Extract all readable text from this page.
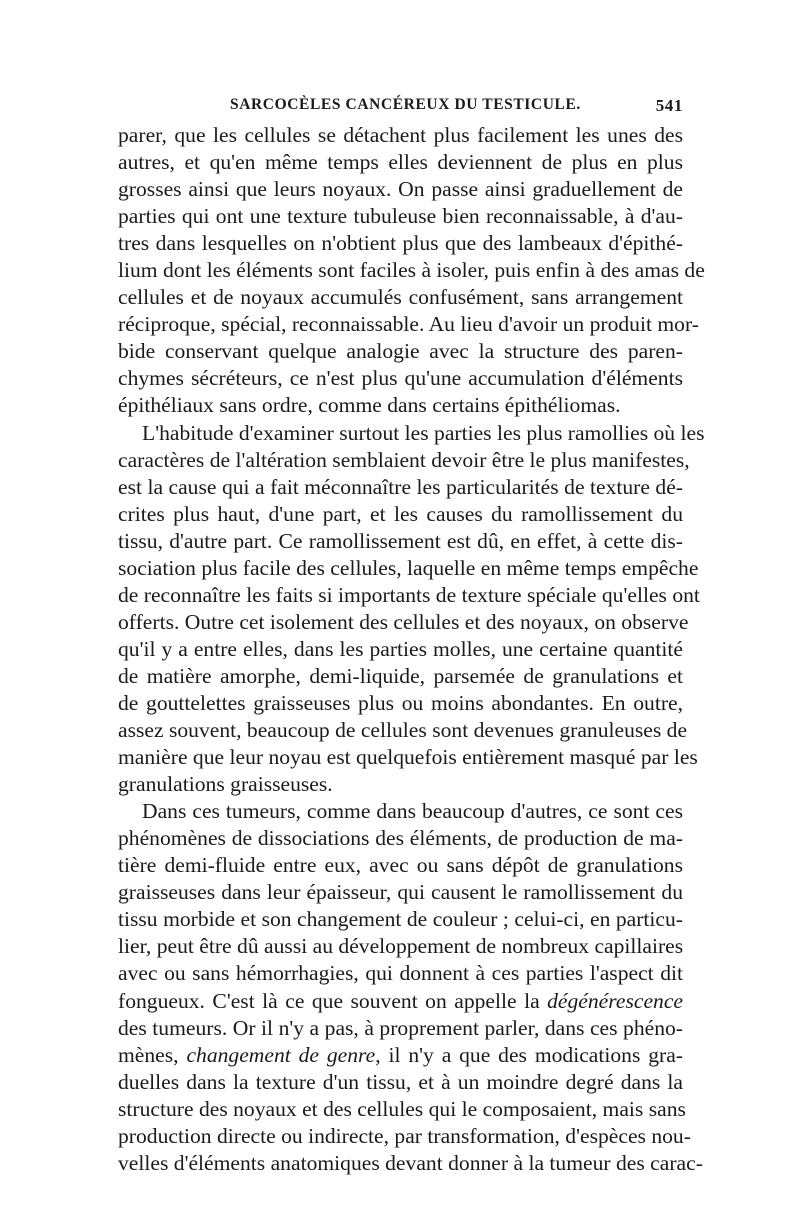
SARCOCÈLES CANCÉREUX DU TESTICULE.	541
parer, que les cellules se détachent plus facilement les unes des
autres, et qu'en même temps elles deviennent de plus en plus
grosses ainsi que leurs noyaux. On passe ainsi graduellement de
parties qui ont une texture tubuleuse bien reconnaissable, à d'au-
tres dans lesquelles on n'obtient plus que des lambeaux d'épithé-
lium dont les éléments sont faciles à isoler, puis enfin à des amas de
cellules et de noyaux accumulés confusément, sans arrangement
réciproque, spécial, reconnaissable. Au lieu d'avoir un produit mor-
bide conservant quelque analogie avec la structure des paren-
chymes sécréteurs, ce n'est plus qu'une accumulation d'éléments
épithéliaux sans ordre, comme dans certains épithéliomas.
L'habitude d'examiner surtout les parties les plus ramollies où les
caractères de l'altération semblaient devoir être le plus manifestes,
est la cause qui a fait méconnaître les particularités de texture dé-
crites plus haut, d'une part, et les causes du ramollissement du
tissu, d'autre part. Ce ramollissement est dû, en effet, à cette dis-
sociation plus facile des cellules, laquelle en même temps empêche
de reconnaître les faits si importants de texture spéciale qu'elles ont
offerts. Outre cet isolement des cellules et des noyaux, on observe
qu'il y a entre elles, dans les parties molles, une certaine quantité
de matière amorphe, demi-liquide, parsemée de granulations et
de gouttelettes graisseuses plus ou moins abondantes. En outre,
assez souvent, beaucoup de cellules sont devenues granuleuses de
manière que leur noyau est quelquefois entièrement masqué par les
granulations graisseuses.
Dans ces tumeurs, comme dans beaucoup d'autres, ce sont ces
phénomènes de dissociations des éléments, de production de ma-
tière demi-fluide entre eux, avec ou sans dépôt de granulations
graisseuses dans leur épaisseur, qui causent le ramollissement du
tissu morbide et son changement de couleur ; celui-ci, en particu-
lier, peut être dû aussi au développement de nombreux capillaires
avec ou sans hémorrhagies, qui donnent à ces parties l'aspect dit
fongueux. C'est là ce que souvent on appelle la dégénérescence
des tumeurs. Or il n'y a pas, à proprement parler, dans ces phéno-
mènes, changement de genre, il n'y a que des modications gra-
duelles dans la texture d'un tissu, et à un moindre degré dans la
structure des noyaux et des cellules qui le composaient, mais sans
production directe ou indirecte, par transformation, d'espèces nou-
velles d'éléments anatomiques devant donner à la tumeur des carac-
